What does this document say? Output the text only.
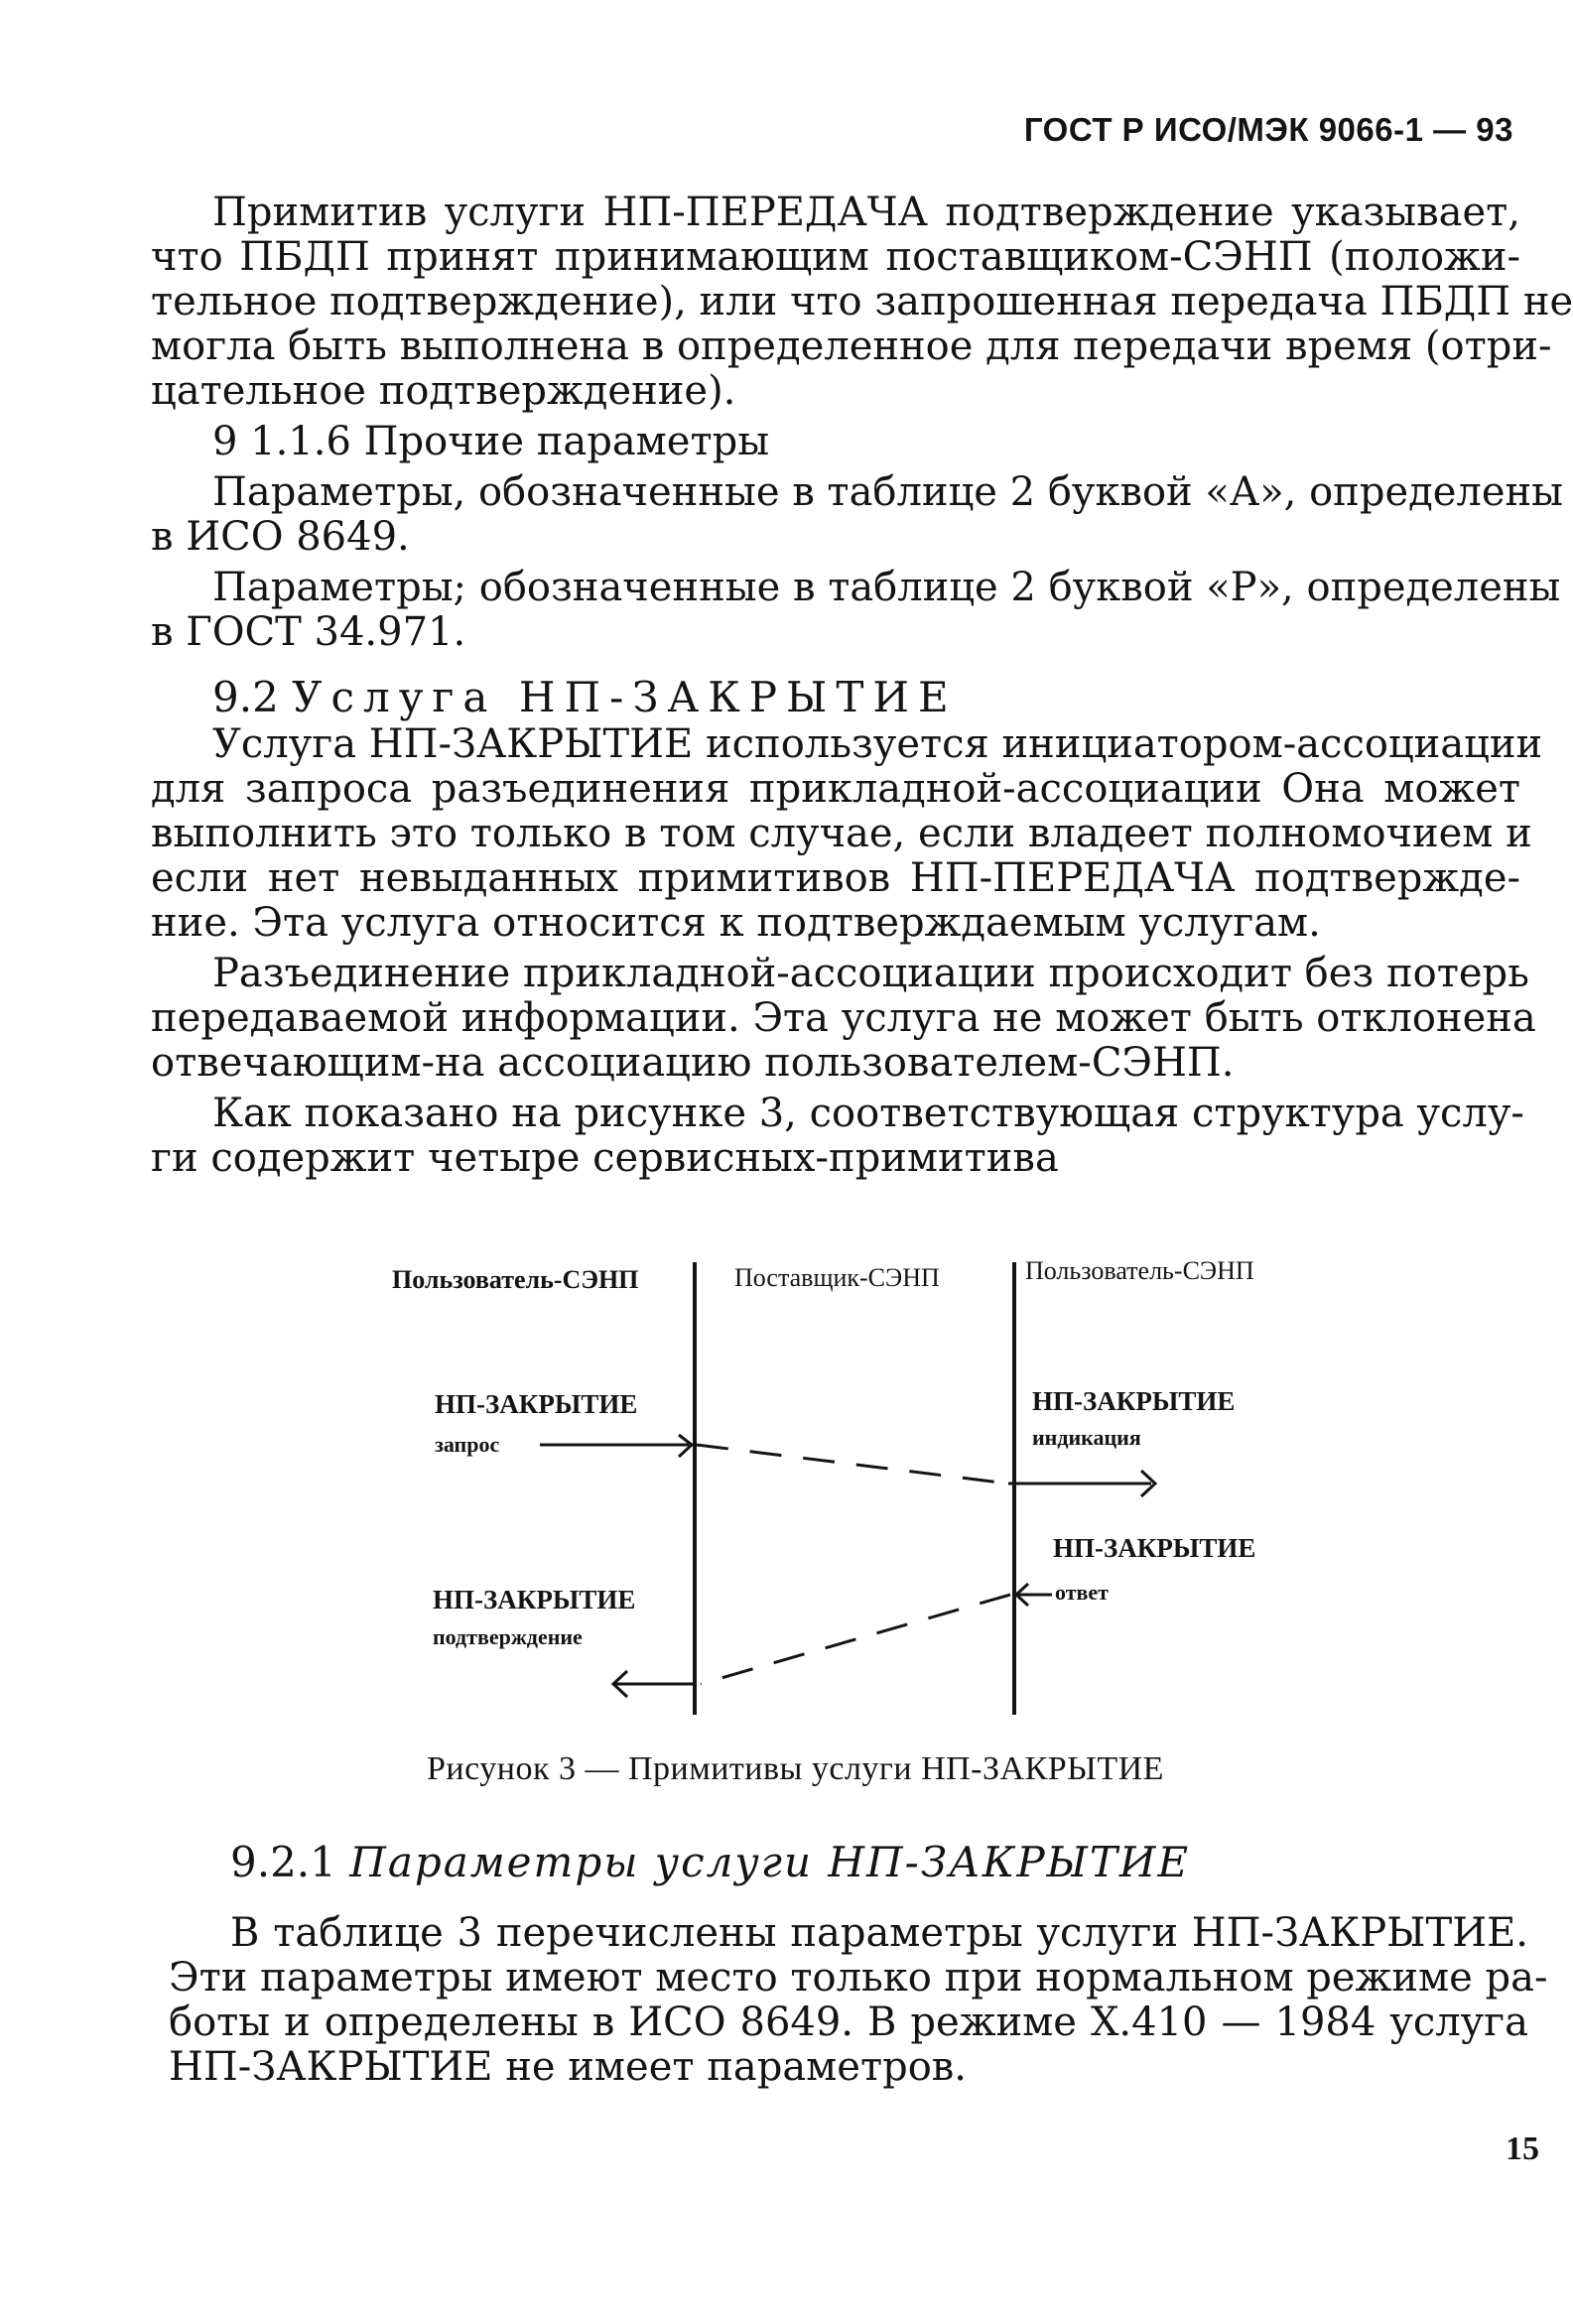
ГОСТ Р ИСО/МЭК 9066-1 — 93
Примитив услуги НП-ПЕРЕДАЧА подтверждение указывает,
что ПБДП принят принимающим поставщиком-СЭНП (положи-
тельное подтверждение), или что запрошенная передача ПБДП не
могла быть выполнена в определенное для передачи время (отри-
цательное подтверждение).
9 1.1.6 Прочие параметры
Параметры, обозначенные в таблице 2 буквой «А», определены
в ИСО 8649.
Параметры; обозначенные в таблице 2 буквой «Р», определены
в ГОСТ 34.971.
9.2 Услуга НП-ЗАКРЫТИЕ
Услуга НП-ЗАКРЫТИЕ используется инициатором-ассоциации
для запроса разъединения прикладной-ассоциации Она может
выполнить это только в том случае, если владеет полномочием и
если нет невыданных примитивов НП-ПЕРЕДАЧА подтвержде-
ние. Эта услуга относится к подтверждаемым услугам.
Разъединение прикладной-ассоциации происходит без потерь
передаваемой информации. Эта услуга не может быть отклонена
отвечающим-на ассоциацию пользователем-СЭНП.
Как показано на рисунке 3, соответствующая структура услу-
ги содержит четыре сервисных-примитива
Пользователь-СЭНП	Поставщик-СЭНП	Пользователь-СЭНП
НП-ЗАКРЫТИЕ
запрос
НП-ЗАКРЫТИЕ
индикация
НП-ЗАКРЫТИЕ
ответ
НП-ЗАКРЫТИЕ
подтверждение
Рисунок 3 — Примитивы услуги НП-ЗАКРЫТИЕ
9.2.1 Параметры услуги НП-ЗАКРЫТИЕ
В таблице 3 перечислены параметры услуги НП-ЗАКРЫТИЕ.
Эти параметры имеют место только при нормальном режиме ра-
боты и определены в ИСО 8649. В режиме Х.410 — 1984 услуга
НП-ЗАКРЫТИЕ не имеет параметров.
15
